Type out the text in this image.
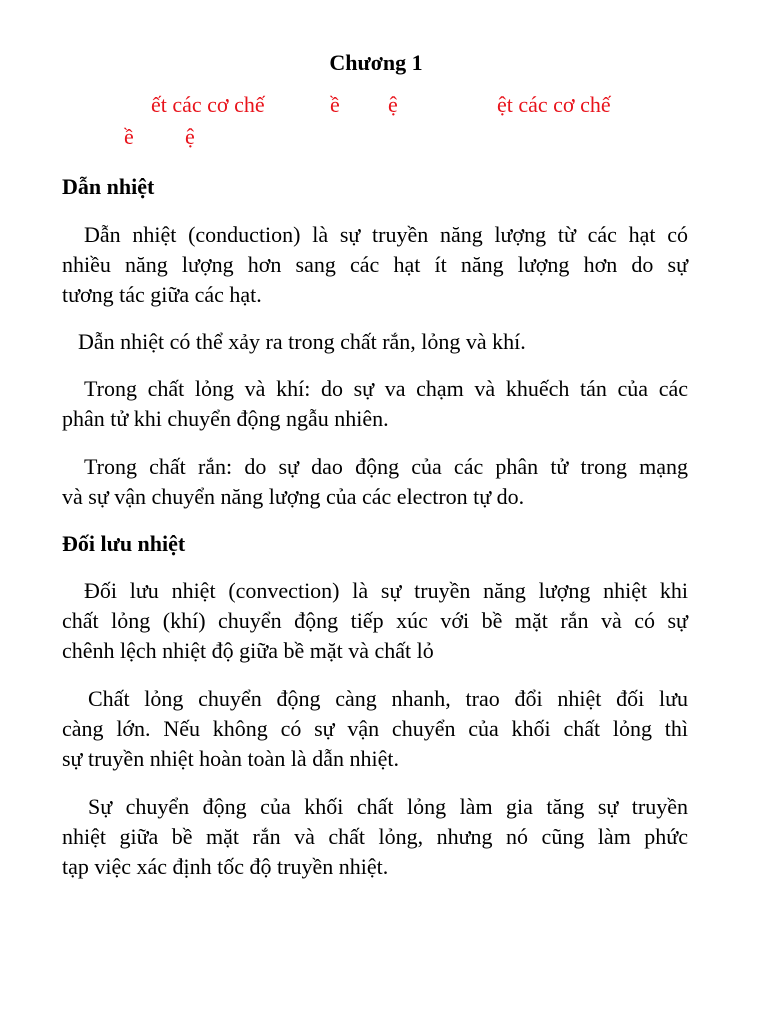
Chương 1
ết các cơ chế	ề ệ	ệt các cơ chế
ề ệ
Dẫn nhiệt
Dẫn nhiệt (conduction) là sự truyền năng lượng từ các hạt có
nhiều năng lượng hơn sang các hạt ít năng lượng hơn do sự
tương tác giữa các hạt.
Dẫn nhiệt có thể xảy ra trong chất rắn, lỏng và khí.
Trong chất lỏng và khí: do sự va chạm và khuếch tán của các
phân tử khi chuyển động ngẫu nhiên.
Trong chất rắn: do sự dao động của các phân tử trong mạng
và sự vận chuyển năng lượng của các electron tự do.
Đối lưu nhiệt
Đối lưu nhiệt (convection) là sự truyền năng lượng nhiệt khi
chất lỏng (khí) chuyển động tiếp xúc với bề mặt rắn và có sự
chênh lệch nhiệt độ giữa bề mặt và chất lỏ
Chất lỏng chuyển động càng nhanh, trao đổi nhiệt đối lưu
càng lớn. Nếu không có sự vận chuyển của khối chất lỏng thì
sự truyền nhiệt hoàn toàn là dẫn nhiệt.
Sự chuyển động của khối chất lỏng làm gia tăng sự truyền
nhiệt giữa bề mặt rắn và chất lỏng, nhưng nó cũng làm phức
tạp việc xác định tốc độ truyền nhiệt.
